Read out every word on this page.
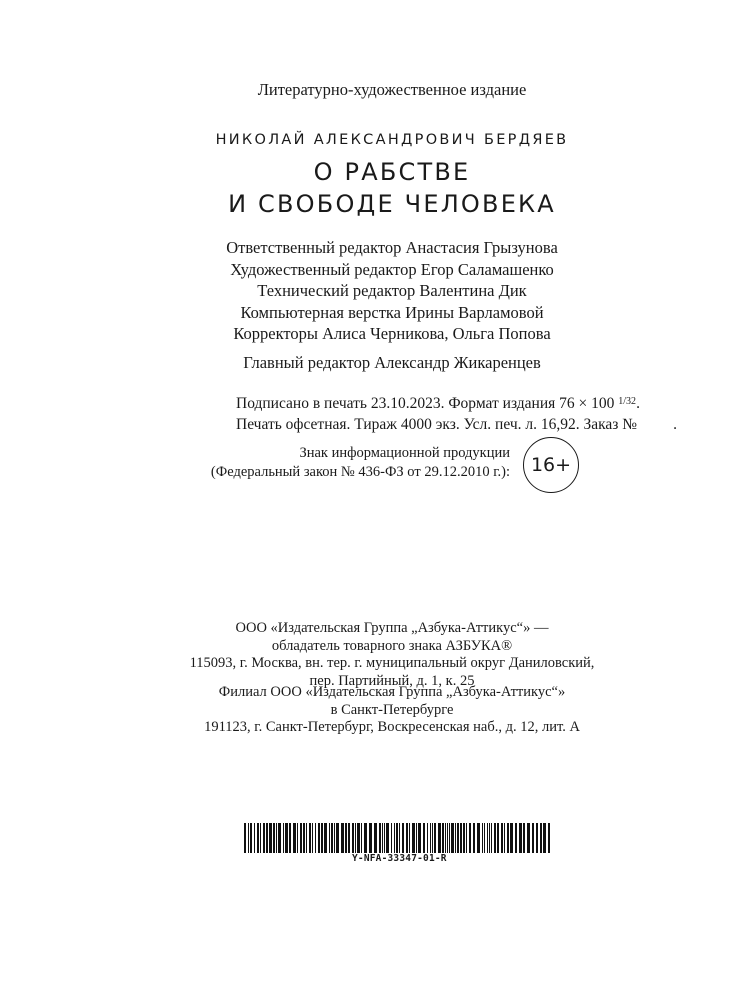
Литературно-художественное издание
НИКОЛАЙ АЛЕКСАНДРОВИЧ БЕРДЯЕВ
О РАБСТВЕ
И СВОБОДЕ ЧЕЛОВЕКА
Ответственный редактор Анастасия Грызунова
Художественный редактор Егор Саламашенко
Технический редактор Валентина Дик
Компьютерная верстка Ирины Варламовой
Корректоры Алиса Черникова, Ольга Попова
Главный редактор Александр Жикаренцев
Подписано в печать 23.10.2023. Формат издания 76 × 100 $^{1/32}$.
Печать офсетная. Тираж 4000 экз. Усл. печ. л. 16,92. Заказ № .
Знак информационной продукции
(Федеральный закон № 436-ФЗ от 29.12.2010 г.):	16+
ООО «Издательская Группа „Азбука-Аттикус“» —
обладатель товарного знака АЗБУКА®
115093, г. Москва, вн. тер. г. муниципальный округ Даниловский,
пер. Партийный, д. 1, к. 25
Филиал ООО «Издательская Группа „Азбука-Аттикус“»
в Санкт-Петербурге
191123, г. Санкт-Петербург, Воскресенская наб., д. 12, лит. А
Y-NFA-33347-01-R
